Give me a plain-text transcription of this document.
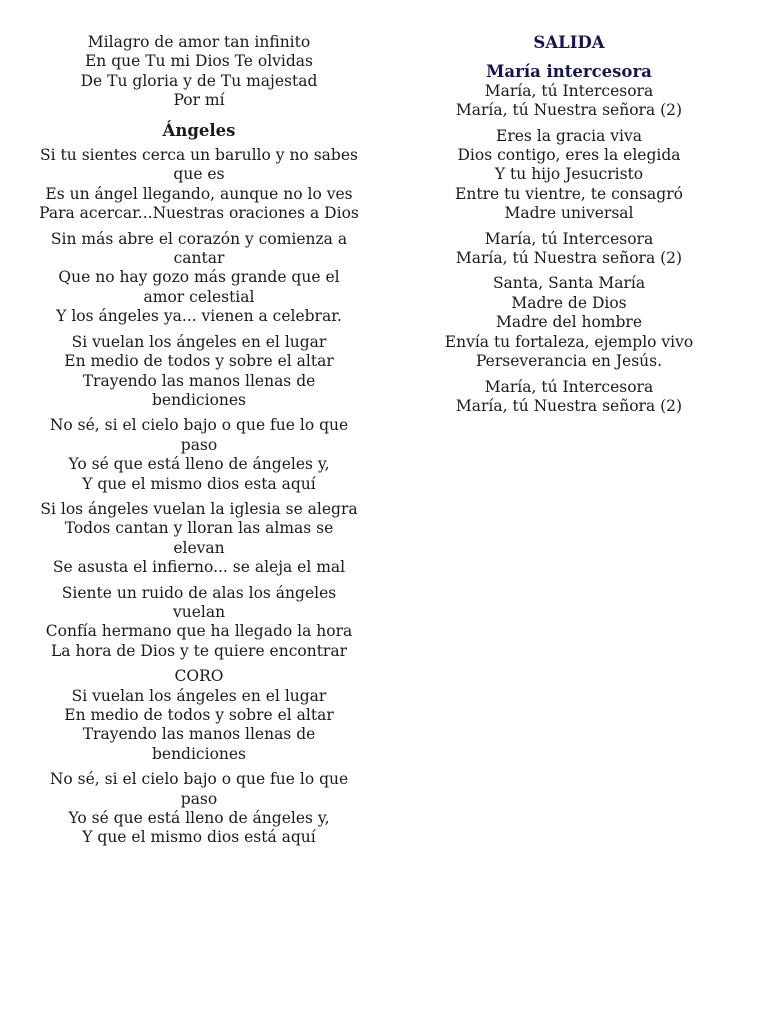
Milagro de amor tan infinito
En que Tu mi Dios Te olvidas
De Tu gloria y de Tu majestad
Por mí
Ángeles
Si tu sientes cerca un barullo y no sabes
que es
Es un ángel llegando, aunque no lo ves
Para acercar...Nuestras oraciones a Dios
Sin más abre el corazón y comienza a
cantar
Que no hay gozo más grande que el
amor celestial
Y los ángeles ya... vienen a celebrar.
Si vuelan los ángeles en el lugar
En medio de todos y sobre el altar
Trayendo las manos llenas de
bendiciones
No sé, si el cielo bajo o que fue lo que
paso
Yo sé que está lleno de ángeles y,
Y que el mismo dios esta aquí
Si los ángeles vuelan la iglesia se alegra
Todos cantan y lloran las almas se
elevan
Se asusta el infierno... se aleja el mal
Siente un ruido de alas los ángeles
vuelan
Confía hermano que ha llegado la hora
La hora de Dios y te quiere encontrar
CORO
Si vuelan los ángeles en el lugar
En medio de todos y sobre el altar
Trayendo las manos llenas de
bendiciones
No sé, si el cielo bajo o que fue lo que
paso
Yo sé que está lleno de ángeles y,
Y que el mismo dios está aquí
SALIDA
María intercesora
María, tú Intercesora
María, tú Nuestra señora (2)
Eres la gracia viva
Dios contigo, eres la elegida
Y tu hijo Jesucristo
Entre tu vientre, te consagró
Madre universal
María, tú Intercesora
María, tú Nuestra señora (2)
Santa, Santa María
Madre de Dios
Madre del hombre
Envía tu fortaleza, ejemplo vivo
Perseverancia en Jesús.
María, tú Intercesora
María, tú Nuestra señora (2)
